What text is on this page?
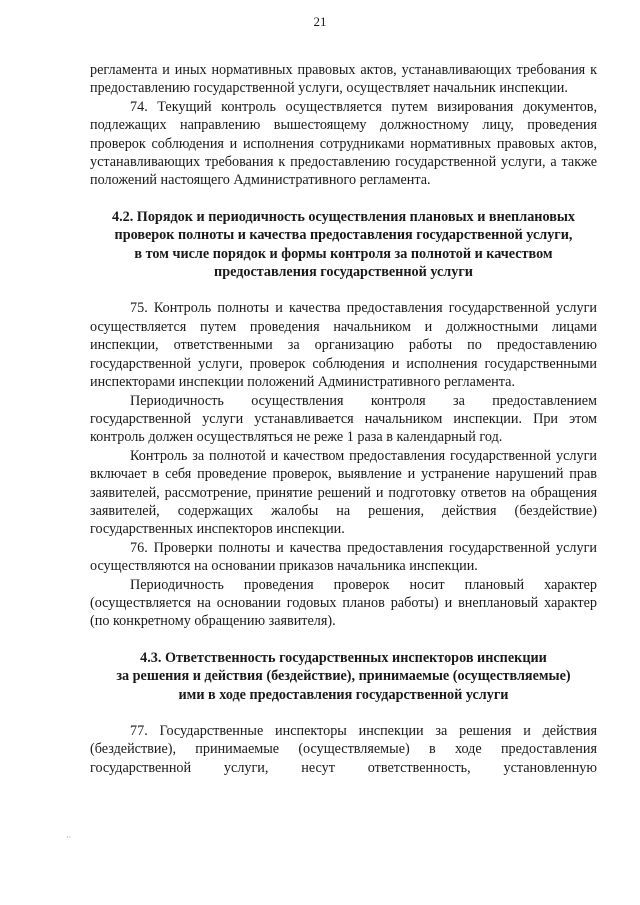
21

регламента и иных нормативных правовых актов, устанавливающих требования к предоставлению государственной услуги, осуществляет начальник инспекции.

74. Текущий контроль осуществляется путем визирования документов, подлежащих направлению вышестоящему должностному лицу, проведения проверок соблюдения и исполнения сотрудниками нормативных правовых актов, устанавливающих требования к предоставлению государственной услуги, а также положений настоящего Административного регламента.

4.2. Порядок и периодичность осуществления плановых и внеплановых
проверок полноты и качества предоставления государственной услуги,
в том числе порядок и формы контроля за полнотой и качеством
предоставления государственной услуги

75. Контроль полноты и качества предоставления государственной услуги осуществляется путем проведения начальником и должностными лицами инспекции, ответственными за организацию работы по предоставлению государственной услуги, проверок соблюдения и исполнения государственными инспекторами инспекции положений Административного регламента.

Периодичность осуществления контроля за предоставлением государственной услуги устанавливается начальником инспекции. При этом контроль должен осуществляться не реже 1 раза в календарный год.

Контроль за полнотой и качеством предоставления государственной услуги включает в себя проведение проверок, выявление и устранение нарушений прав заявителей, рассмотрение, принятие решений и подготовку ответов на обращения заявителей, содержащих жалобы на решения, действия (бездействие) государственных инспекторов инспекции.

76. Проверки полноты и качества предоставления государственной услуги осуществляются на основании приказов начальника инспекции.

Периодичность проведения проверок носит плановый характер (осуществляется на основании годовых планов работы) и внеплановый характер (по конкретному обращению заявителя).

4.3. Ответственность государственных инспекторов инспекции
за решения и действия (бездействие), принимаемые (осуществляемые)
ими в ходе предоставления государственной услуги

77. Государственные инспекторы инспекции за решения и действия (бездействие), принимаемые (осуществляемые) в ходе предоставления государственной услуги, несут ответственность, установленную

··
